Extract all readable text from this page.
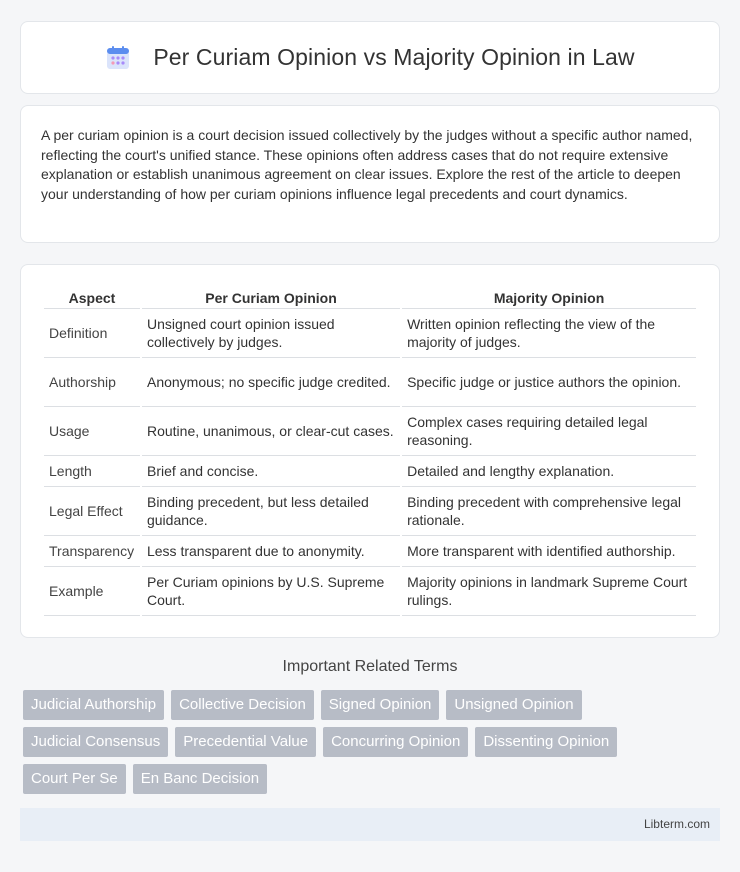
Per Curiam Opinion vs Majority Opinion in Law

A per curiam opinion is a court decision issued collectively by the judges without a specific author named, reflecting the court's unified stance. These opinions often address cases that do not require extensive explanation or establish unanimous agreement on clear issues. Explore the rest of the article to deepen your understanding of how per curiam opinions influence legal precedents and court dynamics.

Aspect	Per Curiam Opinion	Majority Opinion
Definition	Unsigned court opinion issued collectively by judges.	Written opinion reflecting the view of the majority of judges.
Authorship	Anonymous; no specific judge credited.	Specific judge or justice authors the opinion.
Usage	Routine, unanimous, or clear-cut cases.	Complex cases requiring detailed legal reasoning.
Length	Brief and concise.	Detailed and lengthy explanation.
Legal Effect	Binding precedent, but less detailed guidance.	Binding precedent with comprehensive legal rationale.
Transparency	Less transparent due to anonymity.	More transparent with identified authorship.
Example	Per Curiam opinions by U.S. Supreme Court.	Majority opinions in landmark Supreme Court rulings.
Important Related Terms
Judicial Authorship	Collective Decision	Signed Opinion	Unsigned Opinion
Judicial Consensus	Precedential Value	Concurring Opinion	Dissenting Opinion
Court Per Se	En Banc Decision
Libterm.com
